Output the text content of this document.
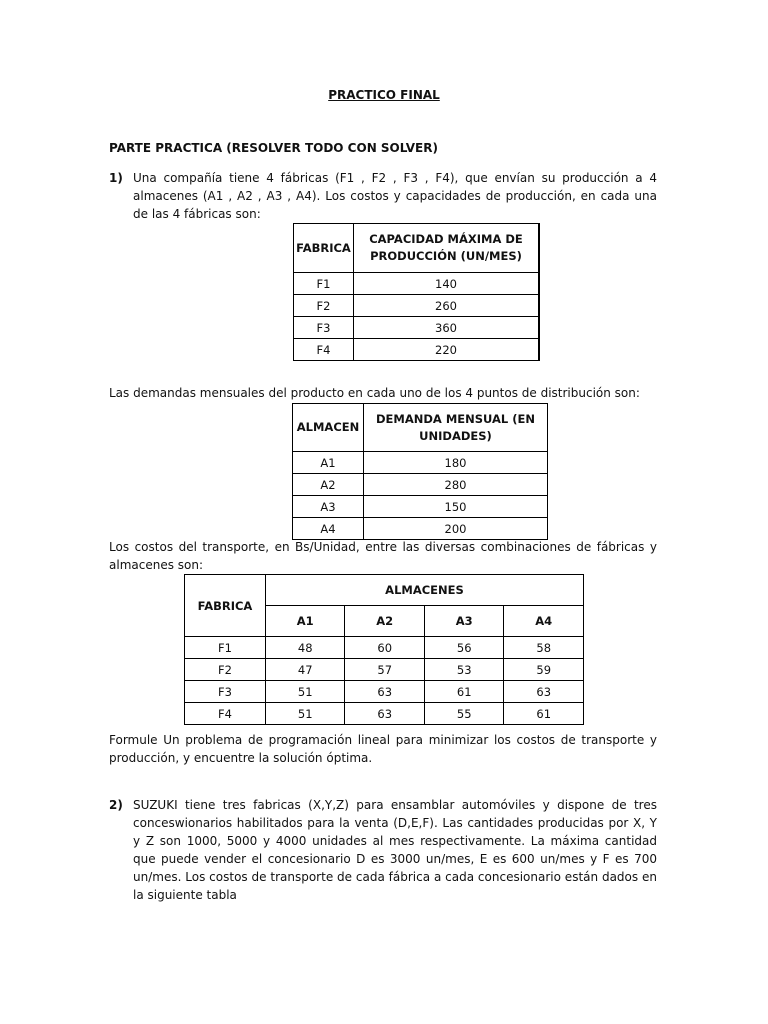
PRACTICO FINAL
PARTE PRACTICA (RESOLVER TODO CON SOLVER)
1) Una compañía tiene 4 fábricas (F1 , F2 , F3 , F4), que envían su producción a 4 almacenes (A1 , A2 , A3 , A4). Los costos y capacidades de producción, en cada una de las 4 fábricas son:
FABRICA	CAPACIDAD MÁXIMA DE PRODUCCIÓN (UN/MES)
F1	140
F2	260
F3	360
F4	220
Las demandas mensuales del producto en cada uno de los 4 puntos de distribución son:
ALMACEN	DEMANDA MENSUAL (EN UNIDADES)
A1	180
A2	280
A3	150
A4	200
Los costos del transporte, en Bs/Unidad, entre las diversas combinaciones de fábricas y almacenes son:
FABRICA	ALMACENES			
	A1	A2	A3	A4
F1	48	60	56	58
F2	47	57	53	59
F3	51	63	61	63
F4	51	63	55	61
Formule Un problema de programación lineal para minimizar los costos de transporte y producción, y encuentre la solución óptima.
2) SUZUKI tiene tres fabricas (X,Y,Z) para ensamblar automóviles y dispone de tres conceswionarios habilitados para la venta (D,E,F). Las cantidades producidas por X, Y y Z son 1000, 5000 y 4000 unidades al mes respectivamente. La máxima cantidad que puede vender el concesionario D es 3000 un/mes, E es 600 un/mes y F es 700 un/mes. Los costos de transporte de cada fábrica a cada concesionario están dados en la siguiente tabla
